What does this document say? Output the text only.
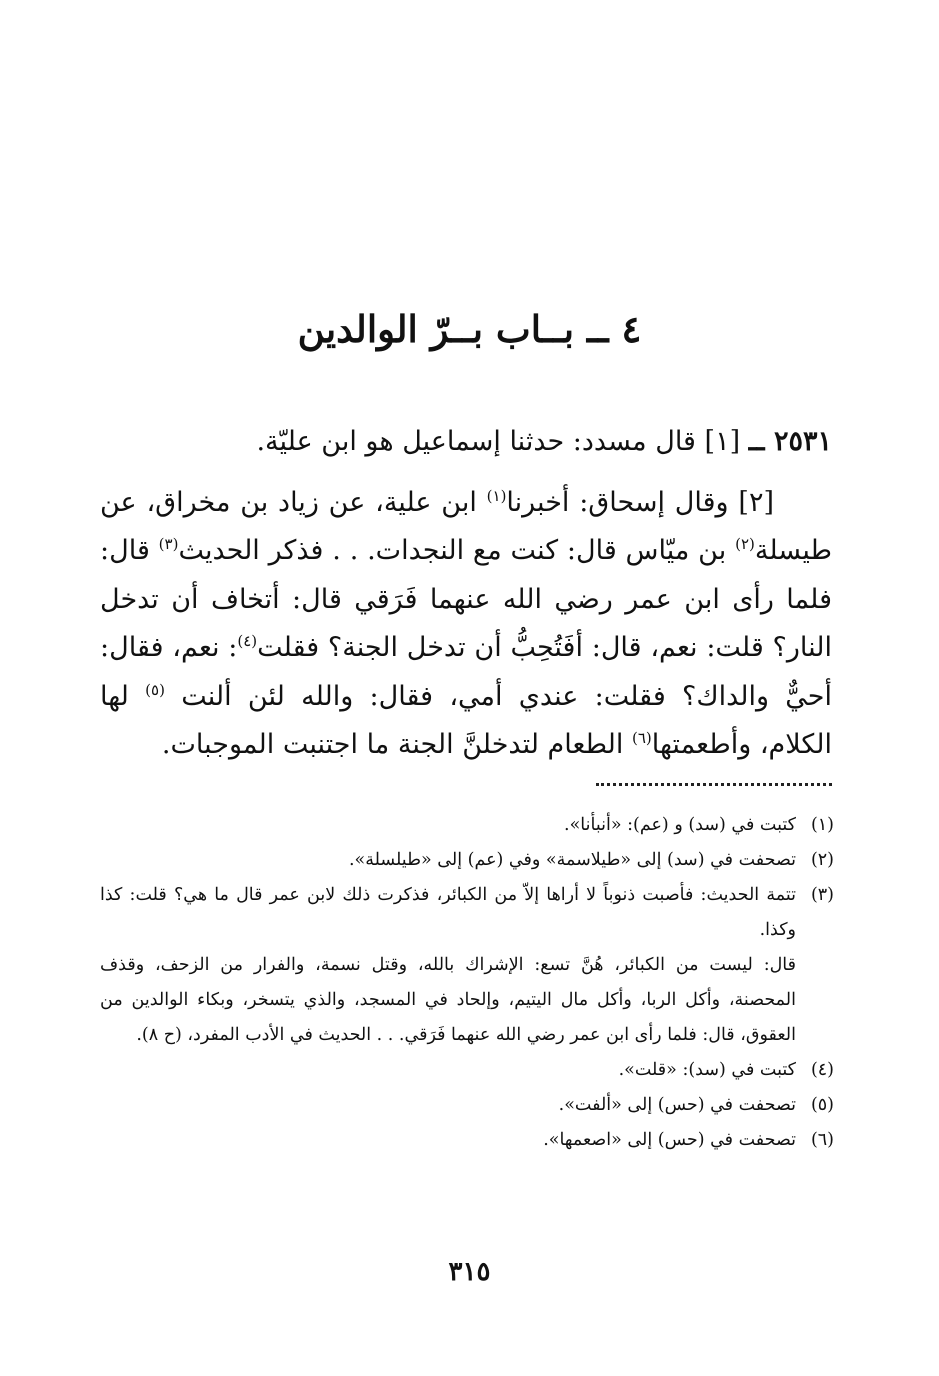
٤ ــ بــاب بــرّ الوالدين

٢٥٣١ ــ [١] قال مسدد: حدثنا إسماعيل هو ابن عليّة.

[٢] وقال إسحاق: أخبرنا$^{(١)}$ ابن علية، عن زياد بن مخراق، عن طيسلة$^{(٢)}$ بن ميّاس قال: كنت مع النجدات. . . فذكر الحديث$^{(٣)}$ قال: فلما رأى ابن عمر رضي الله عنهما فَرَقي قال: أتخاف أن تدخل النار؟ قلت: نعم، قال: أفَتُحِبُّ أن تدخل الجنة؟ فقلت$^{(٤)}$: نعم، فقال: أحيٌّ والداك؟ فقلت: عندي أمي، فقال: والله لئن ألنت $^{(٥)}$ لها الكلام، وأطعمتها$^{(٦)}$ الطعام لتدخلنَّ الجنة ما اجتنبت الموجبات.

(١)

كتبت في (سد) و (عم): «أنبأنا».

(٢)

تصحفت في (سد) إلى «طيلاسمة» وفي (عم) إلى «طيلسلة».

(٣)

تتمة الحديث: فأصبت ذنوباً لا أراها إلاّ من الكبائر، فذكرت ذلك لابن عمر قال ما هي؟ قلت: كذا وكذا.

قال: ليست من الكبائر، هُنَّ تسع: الإشراك بالله، وقتل نسمة، والفرار من الزحف، وقذف المحصنة، وأكل الربا، وأكل مال اليتيم، وإلحاد في المسجد، والذي يتسخر، وبكاء الوالدين من العقوق، قال: فلما رأى ابن عمر رضي الله عنهما فَرَقي. . . الحديث في الأدب المفرد، (ح ٨).

(٤)

كتبت في (سد): «قلت».

(٥)

تصحفت في (حس) إلى «ألفت».

(٦)

تصحفت في (حس) إلى «اصعمها».

٣١٥
